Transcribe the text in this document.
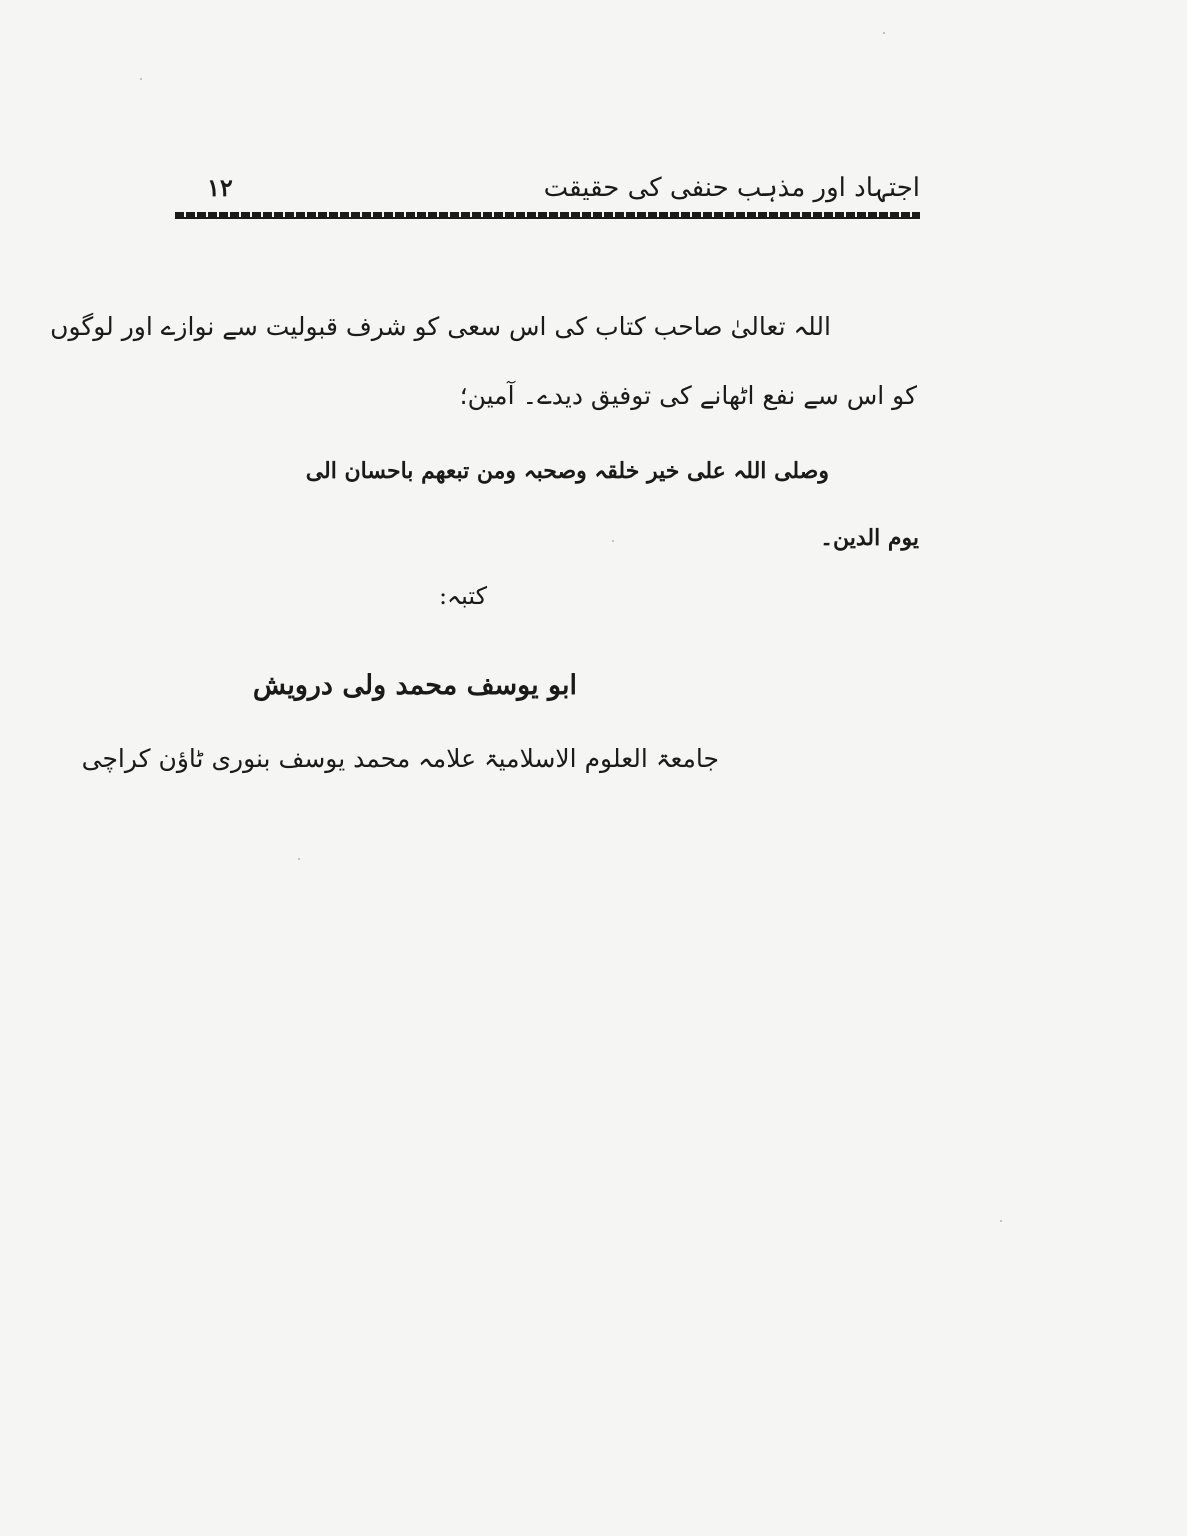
اجتہاد اور مذہب حنفی کی حقیقت
۱۲
اللہ تعالیٰ صاحب کتاب کی اس سعی کو شرف قبولیت سے نوازے اور لوگوں
کو اس سے نفع اٹھانے کی توفیق دیدے۔ آمین؛
وصلی اللہ علی خیر خلقہ وصحبہ ومن تبعھم باحسان الی
یوم الدین۔
کتبہ:
ابو یوسف محمد ولی درویش
جامعۃ العلوم الاسلامیۃ علامہ محمد یوسف بنوری ٹاؤن کراچی
